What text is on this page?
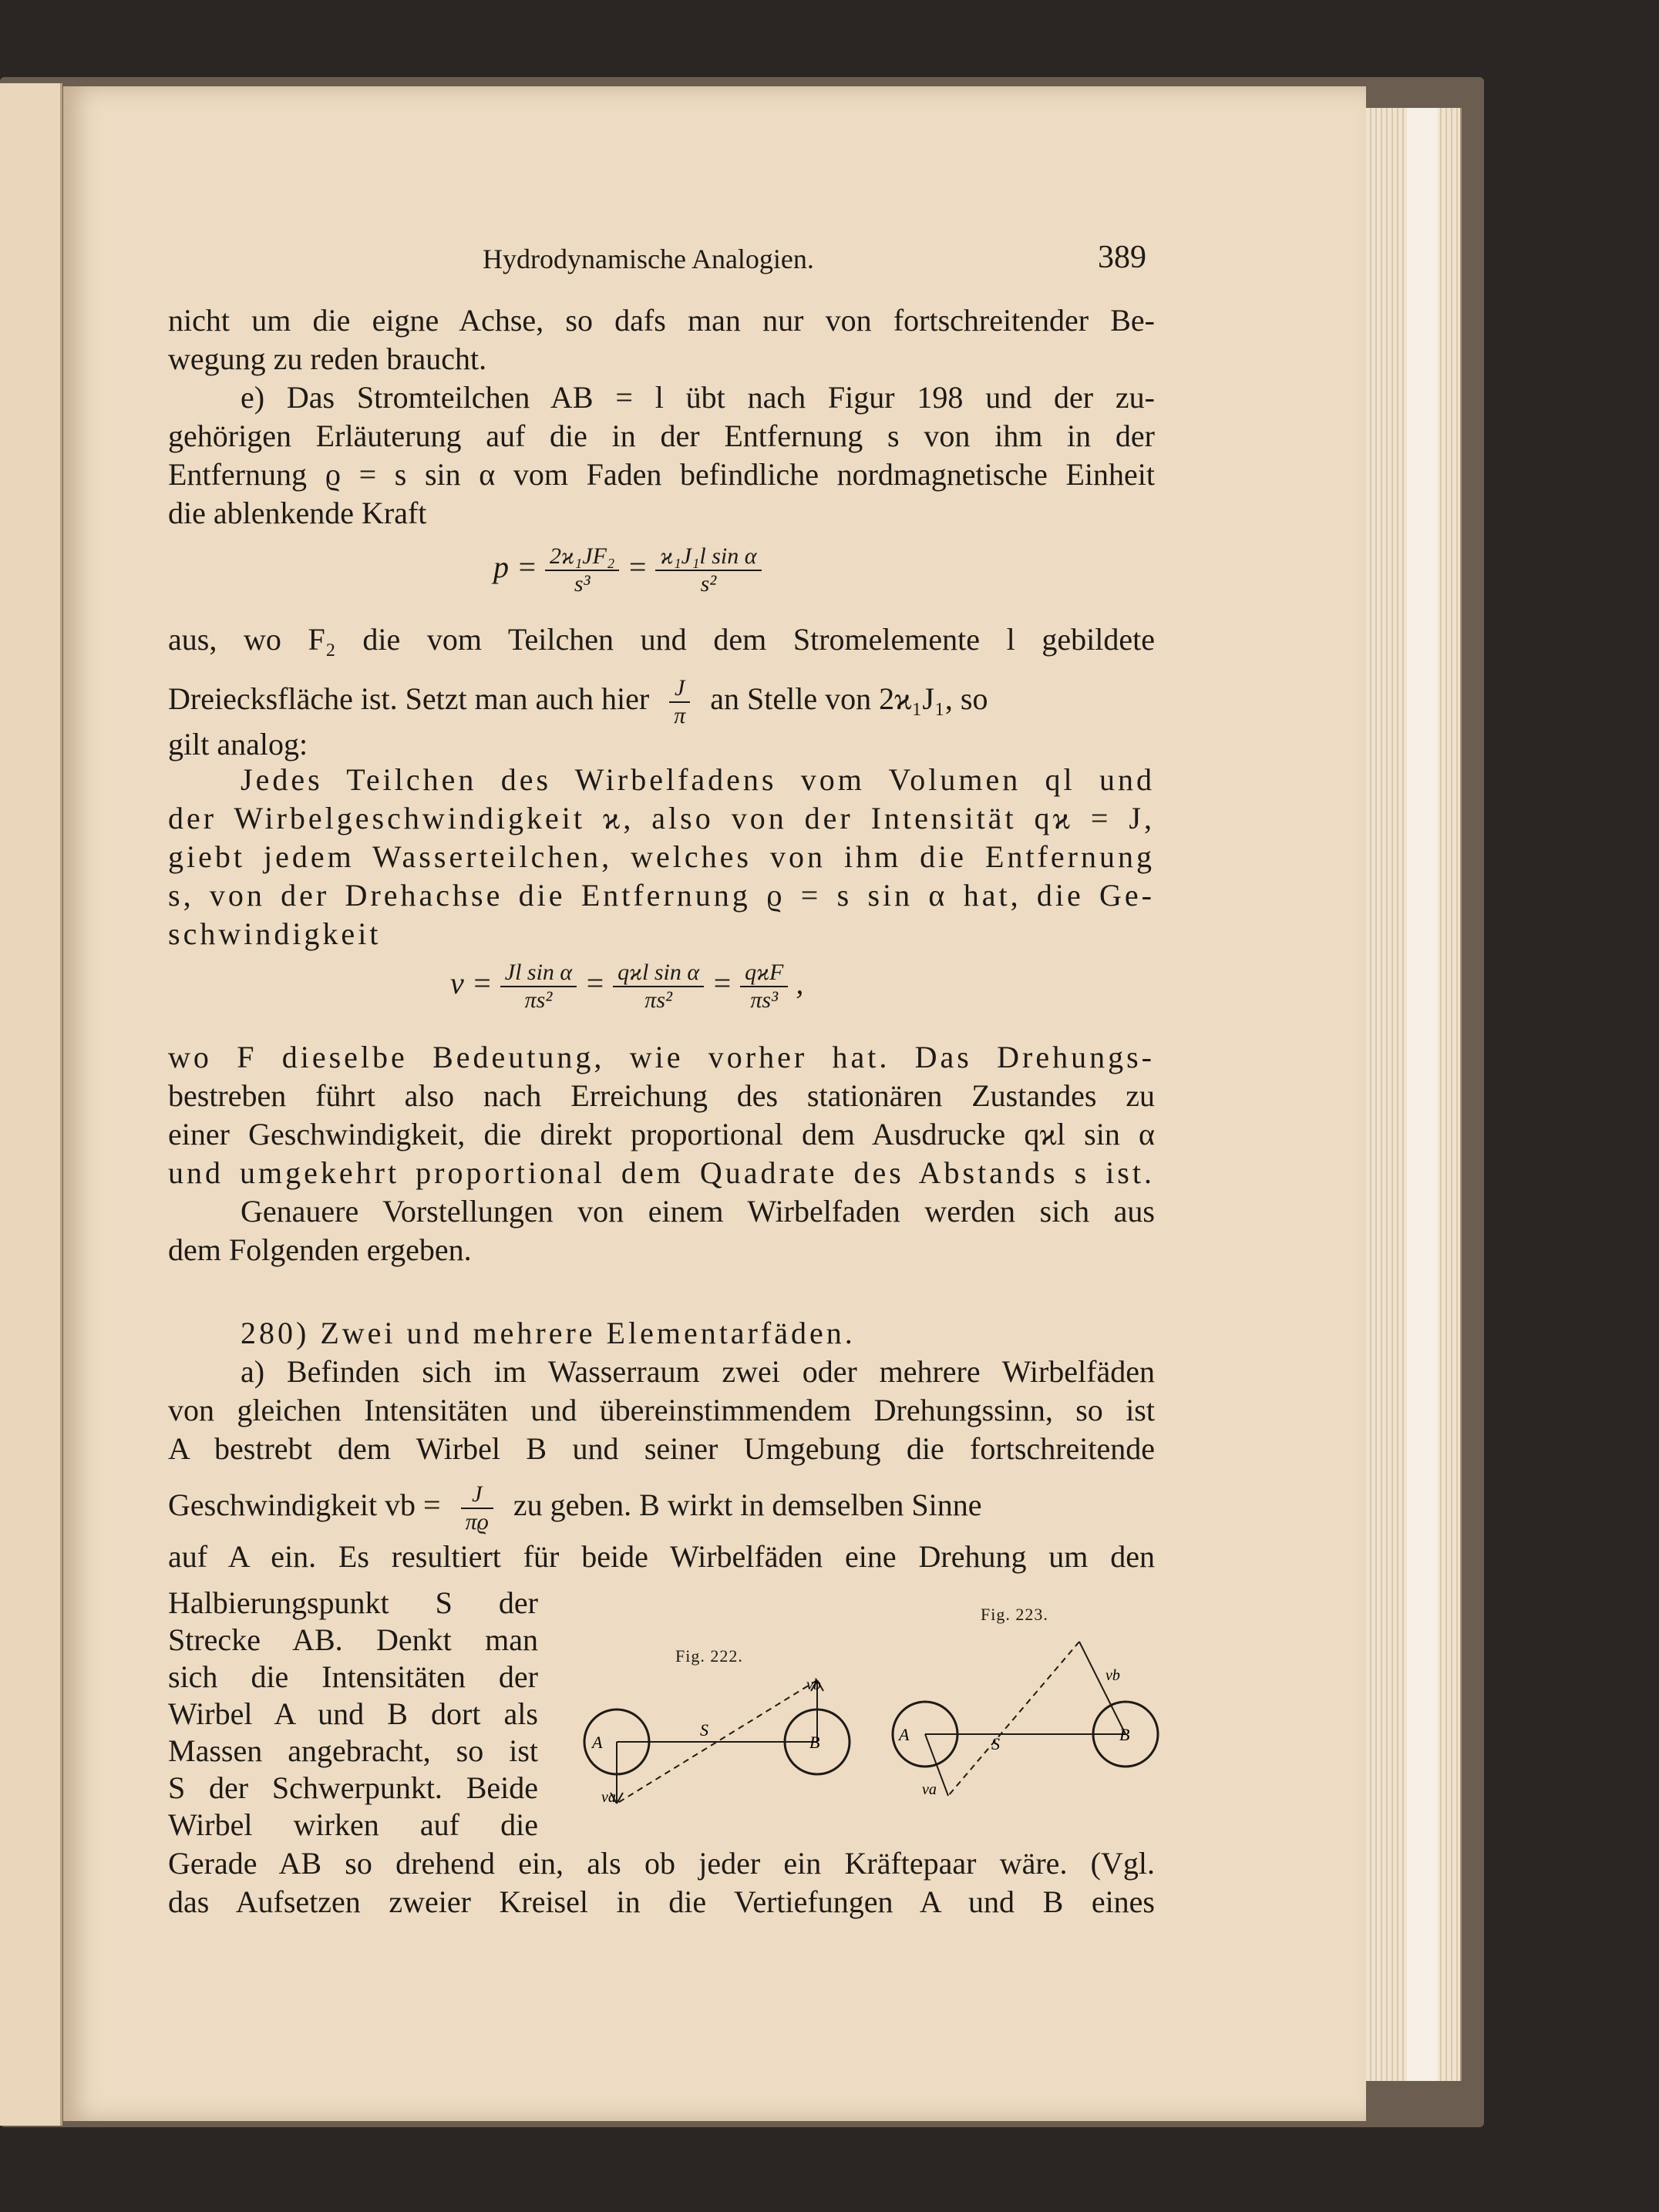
Hydrodynamische Analogien.	389
nicht um die eigne Achse, so dafs man nur von fortschreitender Be-
wegung zu reden braucht.
e) Das Stromteilchen AB = l übt nach Figur 198 und der zu-
gehörigen Erläuterung auf die in der Entfernung s von ihm in der
Entfernung ϱ = s sin α vom Faden befindliche nordmagnetische Einheit
die ablenkende Kraft
$p = \frac{\text{2ϰ₁JF₂}}{\text{s³}} = \frac{\text{ϰ₁J₁l sin α}}{\text{s²}}$
aus, wo F₂ die vom Teilchen und dem Stromelemente l gebildete
Dreiecksfläche ist. Setzt man auch hier $\frac{J}{\pi}$ an Stelle von 2ϰ₁J₁, so
gilt analog:
Jedes Teilchen des Wirbelfadens vom Volumen ql und
der Wirbelgeschwindigkeit ϰ, also von der Intensität qϰ = J,
giebt jedem Wasserteilchen, welches von ihm die Entfernung
s, von der Drehachse die Entfernung ϱ = s sin α hat, die Ge-
schwindigkeit
$v = \frac{\text{Jl sin α}}{\text{πs²}} = \frac{\text{qϰl sin α}}{\text{πs²}} = \frac{\text{qϰF}}{\text{πs³}}$ ,
wo F dieselbe Bedeutung, wie vorher hat. Das Drehungs-
bestreben führt also nach Erreichung des stationären Zustandes zu
einer Geschwindigkeit, die direkt proportional dem Ausdrucke qϰl sin α
und umgekehrt proportional dem Quadrate des Abstands s ist.
Genauere Vorstellungen von einem Wirbelfaden werden sich aus
dem Folgenden ergeben.
280) Zwei und mehrere Elementarfäden.
a) Befinden sich im Wasserraum zwei oder mehrere Wirbelfäden
von gleichen Intensitäten und übereinstimmendem Drehungssinn, so ist
A bestrebt dem Wirbel B und seiner Umgebung die fortschreitende
Geschwindigkeit vb = $\frac{J}{\pi ϱ}$ zu geben. B wirkt in demselben Sinne
auf A ein. Es resultiert für beide Wirbelfäden eine Drehung um den
Halbierungspunkt S der
Strecke AB. Denkt man
sich die Intensitäten der
Wirbel A und B dort als
Massen angebracht, so ist
S der Schwerpunkt. Beide
Wirbel wirken auf die
Gerade AB so drehend ein, als ob jeder ein Kräftepaar wäre. (Vgl.
das Aufsetzen zweier Kreisel in die Vertiefungen A und B eines
Fig. 222.
A	B
S
va
vb
Fig. 223.
A	B
S
va
vb
